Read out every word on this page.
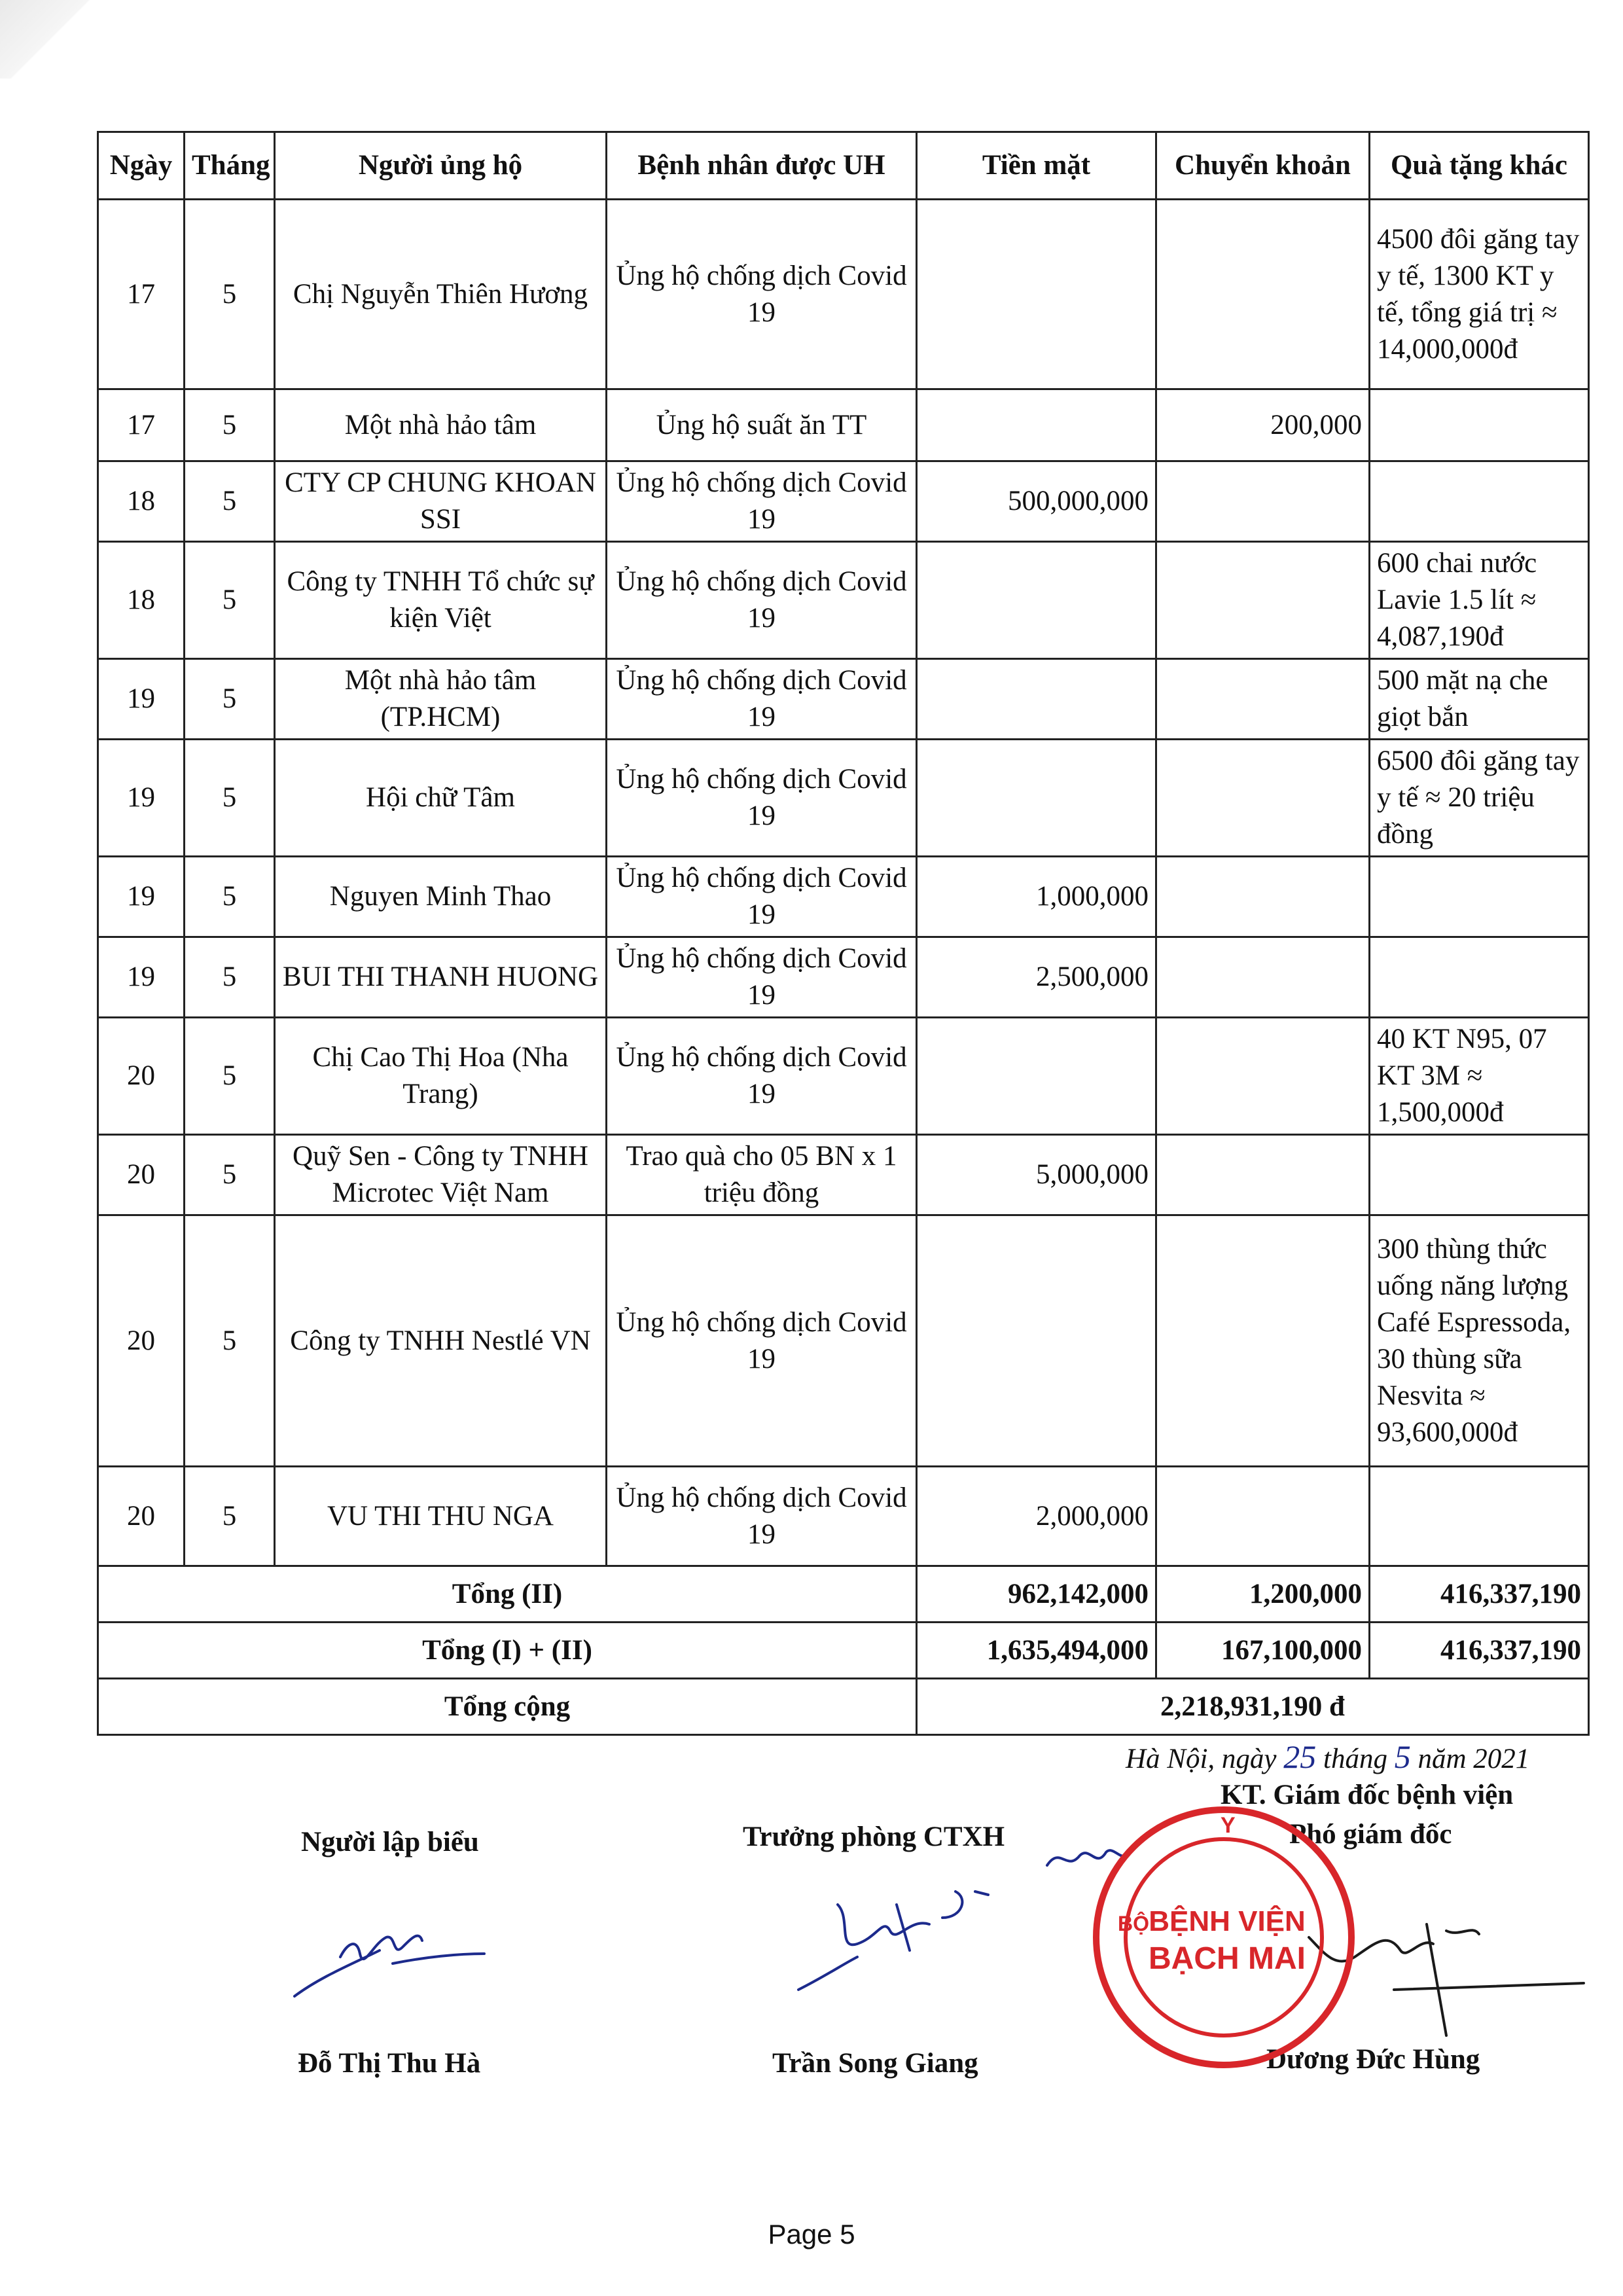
Ngày	Tháng	Người ủng hộ	Bệnh nhân được UH	Tiền mặt	Chuyển khoản	Quà tặng khác
17	5	Chị Nguyễn Thiên Hương	Ủng hộ chống dịch Covid 19			4500 đôi găng tay y tế, 1300 KT y tế, tổng giá trị ≈ 14,000,000đ
17	5	Một nhà hảo tâm	Ủng hộ suất ăn TT		200,000	
18	5	CTY CP CHUNG KHOAN SSI	Ủng hộ chống dịch Covid 19	500,000,000		
18	5	Công ty TNHH Tổ chức sự kiện Việt	Ủng hộ chống dịch Covid 19			600 chai nước Lavie 1.5 lít ≈ 4,087,190đ
19	5	Một nhà hảo tâm (TP.HCM)	Ủng hộ chống dịch Covid 19			500 mặt nạ che giọt bắn
19	5	Hội chữ Tâm	Ủng hộ chống dịch Covid 19			6500 đôi găng tay y tế ≈ 20 triệu đồng
19	5	Nguyen Minh Thao	Ủng hộ chống dịch Covid 19	1,000,000		
19	5	BUI THI THANH HUONG	Ủng hộ chống dịch Covid 19	2,500,000		
20	5	Chị Cao Thị Hoa (Nha Trang)	Ủng hộ chống dịch Covid 19			40 KT N95, 07 KT 3M ≈ 1,500,000đ
20	5	Quỹ Sen - Công ty TNHH Microtec Việt Nam	Trao quà cho 05 BN x 1 triệu đồng	5,000,000		
20	5	Công ty TNHH Nestlé VN	Ủng hộ chống dịch Covid 19			300 thùng thức uống năng lượng Café Espressoda, 30 thùng sữa Nesvita ≈ 93,600,000đ
20	5	VU THI THU NGA	Ủng hộ chống dịch Covid 19	2,000,000		
Tổng (II)				962,142,000	1,200,000	416,337,190
Tổng (I) + (II)				1,635,494,000	167,100,000	416,337,190
Tổng cộng				2,218,931,190 đ		
Hà Nội, ngày 25 tháng 5 năm 2021
KT. Giám đốc bệnh viện
Phó giám đốc
Người lập biểu	Trưởng phòng CTXH
Đỗ Thị Thu Hà	Trần Song Giang	Dương Đức Hùng
Y
BỘ BỆNH VIỆN
BẠCH MAI
Page 5
